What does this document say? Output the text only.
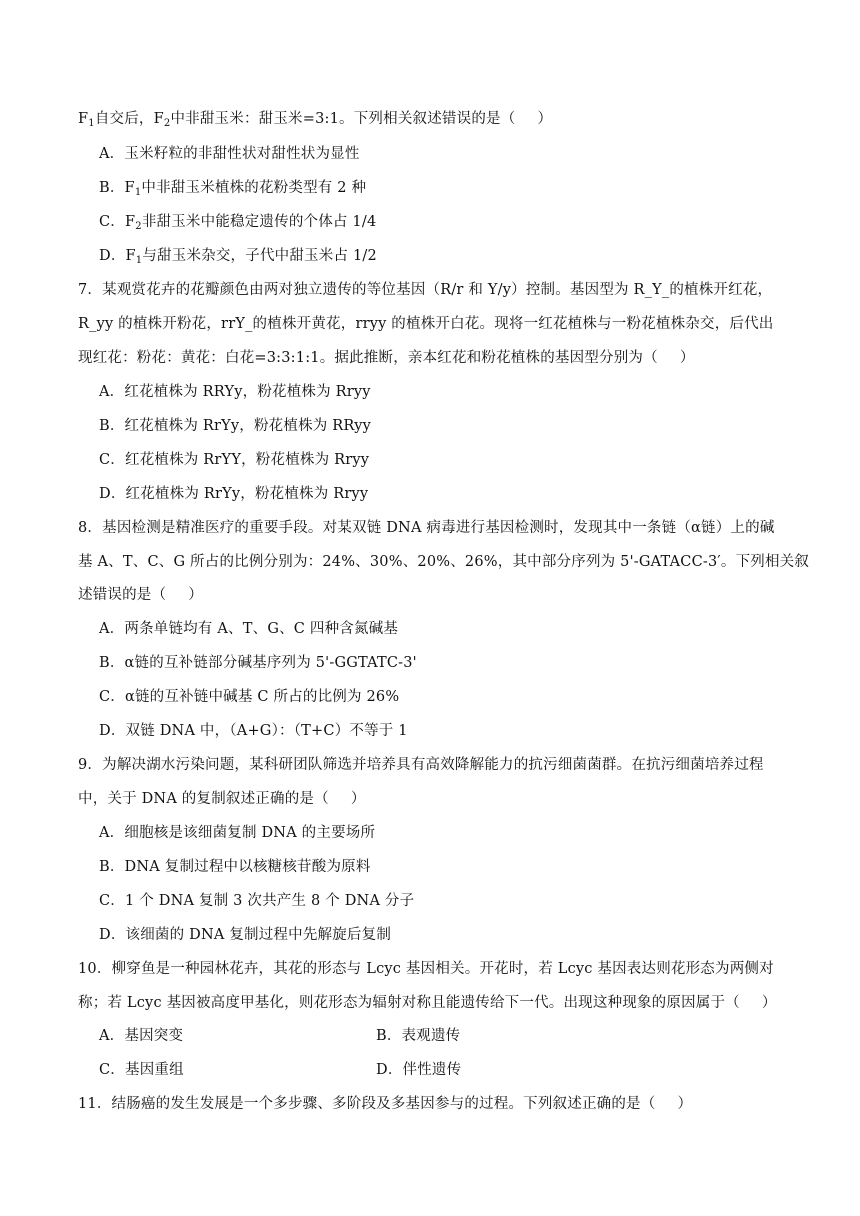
$F_1$自交后，$F_2$中非甜玉米：甜玉米=3:1。下列相关叙述错误的是（ ）
A．玉米籽粒的非甜性状对甜性状为显性
B．$F_1$中非甜玉米植株的花粉类型有 2 种
C．$F_2$非甜玉米中能稳定遗传的个体占 1/4
D．$F_1$与甜玉米杂交，子代中甜玉米占 1/2
7．某观赏花卉的花瓣颜色由两对独立遗传的等位基因（R/r 和 Y/y）控制。基因型为 R_Y_的植株开红花，
R_yy 的植株开粉花，rrY_的植株开黄花，rryy 的植株开白花。现将一红花植株与一粉花植株杂交，后代出
现红花：粉花：黄花：白花=3:3:1:1。据此推断，亲本红花和粉花植株的基因型分别为（ ）
A．红花植株为 RRYy，粉花植株为 Rryy
B．红花植株为 RrYy，粉花植株为 RRyy
C．红花植株为 RrYY，粉花植株为 Rryy
D．红花植株为 RrYy，粉花植株为 Rryy
8．基因检测是精准医疗的重要手段。对某双链 DNA 病毒进行基因检测时，发现其中一条链（α链）上的碱
基 A、T、C、G 所占的比例分别为：24%、30%、20%、26%，其中部分序列为 5'-GATACC-3′。下列相关叙
述错误的是（ ）
A．两条单链均有 A、T、G、C 四种含氮碱基
B．α链的互补链部分碱基序列为 5'-GGTATC-3'
C．α链的互补链中碱基 C 所占的比例为 26%
D．双链 DNA 中，（A+G）：（T+C）不等于 1
9．为解决湖水污染问题，某科研团队筛选并培养具有高效降解能力的抗污细菌菌群。在抗污细菌培养过程
中，关于 DNA 的复制叙述正确的是（ ）
A．细胞核是该细菌复制 DNA 的主要场所
B．DNA 复制过程中以核糖核苷酸为原料
C．1 个 DNA 复制 3 次共产生 8 个 DNA 分子
D．该细菌的 DNA 复制过程中先解旋后复制
10．柳穿鱼是一种园林花卉，其花的形态与 Lcyc 基因相关。开花时，若 Lcyc 基因表达则花形态为两侧对
称；若 Lcyc 基因被高度甲基化，则花形态为辐射对称且能遗传给下一代。出现这种现象的原因属于（ ）
A．基因突变	B．表观遗传
C．基因重组	D．伴性遗传
11．结肠癌的发生发展是一个多步骤、多阶段及多基因参与的过程。下列叙述正确的是（ ）
